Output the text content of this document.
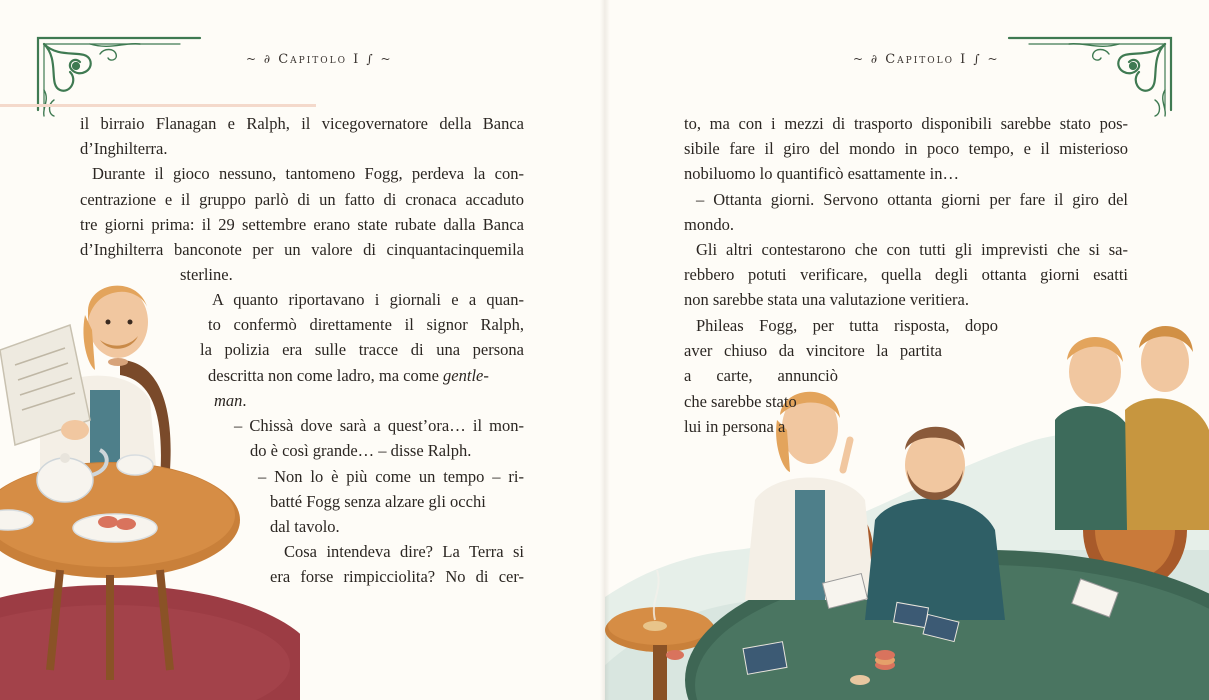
~ ∂ Capitolo I ∫ ~
il birraio Flanagan e Ralph, il vicegovernatore della Banca
d’Inghilterra.
Durante il gioco nessuno, tantomeno Fogg, perdeva la con-
centrazione e il gruppo parlò di un fatto di cronaca accaduto
tre giorni prima: il 29 settembre erano state rubate dalla Banca
d’Inghilterra banconote per un valore di cinquantacinquemila
sterline.
A quanto riportavano i giornali e a quan-
to confermò direttamente il signor Ralph,
la polizia era sulle tracce di una persona
descritta non come ladro, ma come gentle-
man.
– Chissà dove sarà a quest’ora… il mon-
do è così grande… – disse Ralph.
– Non lo è più come un tempo – ri-
batté Fogg senza alzare gli occhi
dal tavolo.
Cosa intendeva dire? La Terra si
era forse rimpicciolita? No di cer-
~ ∂ Capitolo I ∫ ~
to, ma con i mezzi di trasporto disponibili sarebbe stato pos-
sibile fare il giro del mondo in poco tempo, e il misterioso
nobiluomo lo quantificò esattamente in…
– Ottanta giorni. Servono ottanta giorni per fare il giro del
mondo.
Gli altri contestarono che con tutti gli imprevisti che si sa-
rebbero potuti verificare, quella degli ottanta giorni esatti
non sarebbe stata una valutazione veritiera.
Phileas Fogg, per tutta risposta, dopo
aver chiuso da vincitore la partita
a carte, annunciò
che sarebbe stato
lui in persona a
